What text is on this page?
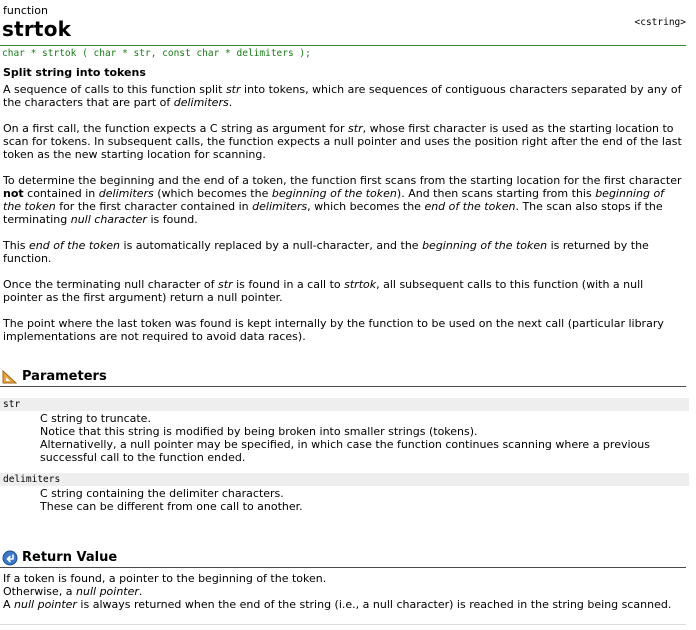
function
strtok	<cstring>
char * strtok ( char * str, const char * delimiters );
Split string into tokens
A sequence of calls to this function split str into tokens, which are sequences of contiguous characters separated by any of the characters that are part of delimiters.
On a first call, the function expects a C string as argument for str, whose first character is used as the starting location to scan for tokens. In subsequent calls, the function expects a null pointer and uses the position right after the end of the last token as the new starting location for scanning.
To determine the beginning and the end of a token, the function first scans from the starting location for the first character not contained in delimiters (which becomes the beginning of the token). And then scans starting from this beginning of the token for the first character contained in delimiters, which becomes the end of the token. The scan also stops if the terminating null character is found.
This end of the token is automatically replaced by a null-character, and the beginning of the token is returned by the function.
Once the terminating null character of str is found in a call to strtok, all subsequent calls to this function (with a null pointer as the first argument) return a null pointer.
The point where the last token was found is kept internally by the function to be used on the next call (particular library implementations are not required to avoid data races).
Parameters
str
C string to truncate.
Notice that this string is modified by being broken into smaller strings (tokens).
Alternativelly, a null pointer may be specified, in which case the function continues scanning where a previous successful call to the function ended.
delimiters
C string containing the delimiter characters.
These can be different from one call to another.
Return Value
If a token is found, a pointer to the beginning of the token.
Otherwise, a null pointer.
A null pointer is always returned when the end of the string (i.e., a null character) is reached in the string being scanned.
